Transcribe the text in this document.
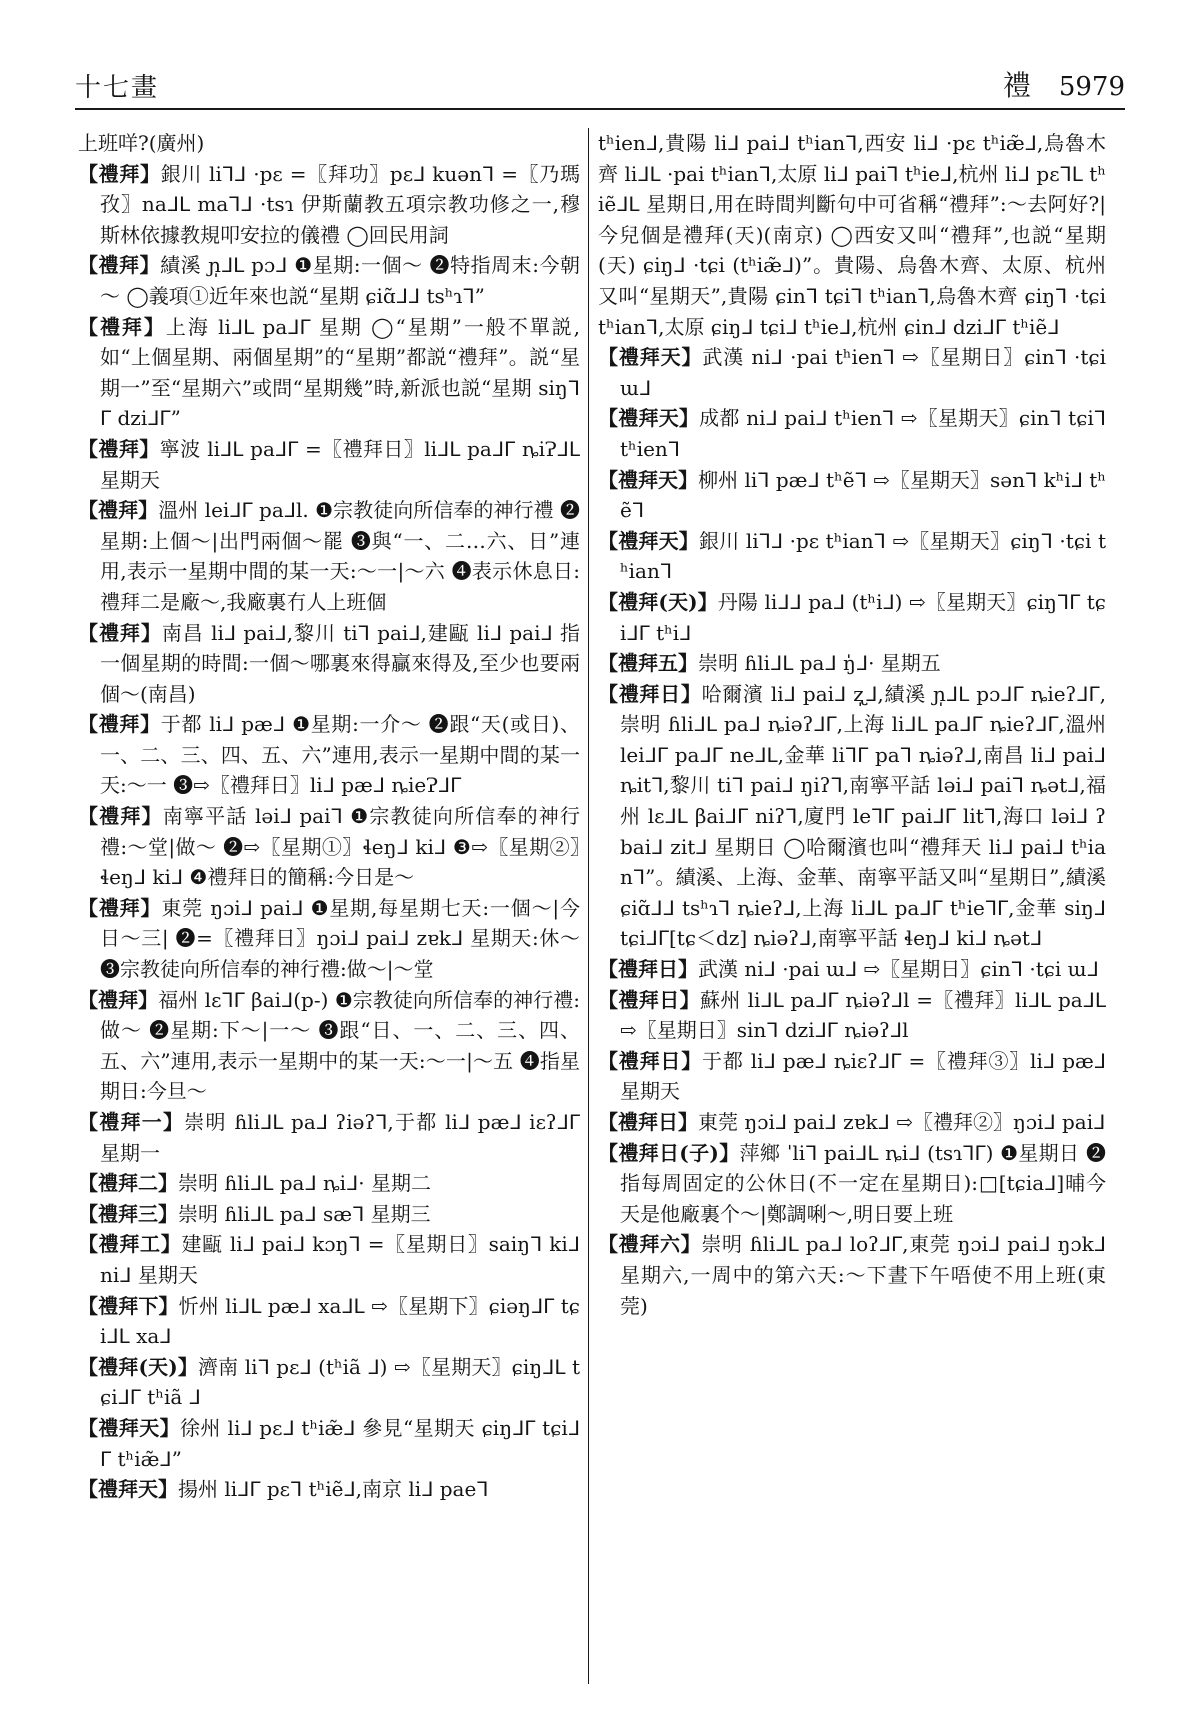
十七畫	禮 5979

上班咩?(廣州)

【禮拜】銀川 liᒣᒧ ·pɛ =〖拜功〗pɛᒧ kuənᒣ =〖乃瑪孜〗naᒧᒪ maᒣᒧ ·tsɿ 伊斯蘭教五項宗教功修之一,穆斯林依據教規叩安拉的儀禮 ◯回民用詞

【禮拜】績溪 ɲ̩ᒧᒪ pɔᒧ ❶星期:一個～ ❷特指周末:今朝～ ◯義項①近年來也説“星期 ɕiɑ̃ᒧᒧ tsʰɿᒣ”

【禮拜】上海 liᒧᒪ paᒧᒥ 星期 ◯“星期”一般不單説,如“上個星期、兩個星期”的“星期”都説“禮拜”。説“星期一”至“星期六”或問“星期幾”時,新派也説“星期 siŋᒣᒥ dziᒧᒥ”

【禮拜】寧波 liᒧᒪ paᒧᒥ =〖禮拜日〗liᒧᒪ paᒧᒥ ȵiɁᒧᒪ 星期天

【禮拜】溫州 leiᒧᒥ paᒧl. ❶宗教徒向所信奉的神行禮 ❷星期:上個～|出門兩個～罷 ❸與“一、二…六、日”連用,表示一星期中間的某一天:～一|～六 ❹表示休息日:禮拜二是廠～,我廠裏冇人上班個

【禮拜】南昌 liᒧ paiᒧ,黎川 tiᒣ paiᒧ,建甌 liᒧ paiᒧ 指一個星期的時間:一個～哪裏來得贏來得及,至少也要兩個～(南昌)

【禮拜】于都 liᒧ pæᒧ ❶星期:一介～ ❷跟“天(或日)、一、二、三、四、五、六”連用,表示一星期中間的某一天:～一 ❸⇨〖禮拜日〗liᒧ pæᒧ ȵieɁᒧᒥ

【禮拜】南寧平話 ləiᒧ paiᒣ ❶宗教徒向所信奉的神行禮:～堂|做～ ❷⇨〖星期①〗ɬeŋᒧ kiᒧ ❸⇨〖星期②〗ɬeŋᒧ kiᒧ ❹禮拜日的簡稱:今日是～

【禮拜】東莞 ŋɔiᒧ paiᒧ ❶星期,每星期七天:一個～|今日～三| ❷=〖禮拜日〗ŋɔiᒧ paiᒧ zɐkᒧ 星期天:休～ ❸宗教徒向所信奉的神行禮:做～|～堂

【禮拜】福州 lɛᒣᒥ βaiᒧ(p-) ❶宗教徒向所信奉的神行禮:做～ ❷星期:下～|一～ ❸跟“日、一、二、三、四、五、六”連用,表示一星期中的某一天:～一|～五 ❹指星期日:今旦～

【禮拜一】崇明 ɦliᒧᒪ paᒧ ʔiəʔᒣ,于都 liᒧ pæᒧ iɛʔᒧᒥ 星期一

【禮拜二】崇明 ɦliᒧᒪ paᒧ ȵiᒧ· 星期二

【禮拜三】崇明 ɦliᒧᒪ paᒧ sæᒣ 星期三

【禮拜工】建甌 liᒧ paiᒧ kɔŋᒣ =〖星期日〗saiŋᒣ kiᒧ niᒧ 星期天

【禮拜下】忻州 liᒧᒪ pæᒧ xaᒧᒪ ⇨〖星期下〗ɕiəŋᒧᒥ tɕiᒧᒪ xaᒧ

【禮拜(天)】濟南 liᒣ pɛᒧ (tʰiã ᒧ) ⇨〖星期天〗ɕiŋᒧᒪ tɕiᒧᒥ tʰiã ᒧ

【禮拜天】徐州 liᒧ pɛᒧ tʰiæ̃ᒧ 參見“星期天 ɕiŋᒧᒥ tɕiᒧᒥ tʰiæ̃ᒧ”

【禮拜天】揚州 liᒧᒥ pɛᒣ tʰiẽᒧ,南京 liᒧ paeᒣ

tʰienᒧ,貴陽 liᒧ paiᒧ tʰianᒣ,西安 liᒧ ·pɛ tʰiæ̃ᒧ,烏魯木齊 liᒧᒪ ·pai tʰianᒣ,太原 liᒧ paiᒣ tʰieᒧ,杭州 liᒧ pɛᒣᒪ tʰiẽᒧᒪ 星期日,用在時間判斷句中可省稱“禮拜”:～去阿好?|今兒個是禮拜(天)(南京) ◯西安又叫“禮拜”,也説“星期(天) ɕiŋᒧ ·tɕi (tʰiæ̃ᒧ)”。貴陽、烏魯木齊、太原、杭州又叫“星期天”,貴陽 ɕinᒣ tɕiᒣ tʰianᒣ,烏魯木齊 ɕiŋᒣ ·tɕi tʰianᒣ,太原 ɕiŋᒧ tɕiᒧ tʰieᒧ,杭州 ɕinᒧ dziᒧᒥ tʰiẽᒧ

【禮拜天】武漢 niᒧ ·pai tʰienᒣ ⇨〖星期日〗ɕinᒣ ·tɕi ɯᒧ

【禮拜天】成都 niᒧ paiᒧ tʰienᒣ ⇨〖星期天〗ɕinᒣ tɕiᒣ tʰienᒣ

【禮拜天】柳州 liᒣ pæᒧ tʰẽᒣ ⇨〖星期天〗sənᒣ kʰiᒧ tʰẽᒣ

【禮拜天】銀川 liᒣᒧ ·pɛ tʰianᒣ ⇨〖星期天〗ɕiŋᒣ ·tɕi tʰianᒣ

【禮拜(天)】丹陽 liᒧᒧ paᒧ (tʰiᒧ) ⇨〖星期天〗ɕiŋᒣᒥ tɕiᒧᒥ tʰiᒧ

【禮拜五】崇明 ɦliᒧᒪ paᒧ ŋ̍ᒧ· 星期五

【禮拜日】哈爾濱 liᒧ paiᒧ ʐ̩ᒧ,績溪 ɲ̩ᒧᒪ pɔᒧᒥ ȵieʔᒧᒥ,崇明 ɦliᒧᒪ paᒧ ȵiəʔᒧᒥ,上海 liᒧᒪ paᒧᒥ ȵieʔᒧᒥ,溫州 leiᒧᒥ paᒧᒥ neᒧᒪ,金華 liᒣᒥ paᒣ ȵiəʔᒧ,南昌 liᒧ paiᒧ ȵitᒣ,黎川 tiᒣ paiᒧ ŋiʔᒣ,南寧平話 ləiᒧ paiᒣ ȵətᒧ,福州 lɛᒧᒪ βaiᒧᒥ niʔᒣ,廈門 leᒣᒥ paiᒧᒥ litᒣ,海口 ləiᒧ ʔbaiᒧ zitᒧ 星期日 ◯哈爾濱也叫“禮拜天 liᒧ paiᒧ tʰianᒣ”。績溪、上海、金華、南寧平話又叫“星期日”,績溪 ɕiɑ̃ᒧᒧ tsʰɿᒣ ȵieʔᒧ,上海 liᒧᒪ paᒧᒥ tʰieᒣᒥ,金華 siŋᒧ tɕiᒧᒥ[tɕ＜dz] ȵiəʔᒧ,南寧平話 ɬeŋᒧ kiᒧ ȵətᒧ

【禮拜日】武漢 niᒧ ·pai ɯᒧ ⇨〖星期日〗ɕinᒣ ·tɕi ɯᒧ

【禮拜日】蘇州 liᒧᒪ paᒧᒥ ȵiəʔᒧl =〖禮拜〗liᒧᒪ paᒧᒪ ⇨〖星期日〗sinᒣ dziᒧᒥ ȵiəʔᒧl

【禮拜日】于都 liᒧ pæᒧ ȵiɛʔᒧᒥ =〖禮拜③〗liᒧ pæᒧ 星期天

【禮拜日】東莞 ŋɔiᒧ paiᒧ zɐkᒧ ⇨〖禮拜②〗ŋɔiᒧ paiᒧ

【禮拜日(子)】萍鄉 ˈliᒣ paiᒧᒪ ȵiᒧ (tsɿᒣᒥ) ❶星期日 ❷指每周固定的公休日(不一定在星期日):□[tɕiaᒧ]晡今天是他廠裏个～|鄭調唎～,明日要上班

【禮拜六】崇明 ɦliᒧᒪ paᒧ loʔᒧᒥ,東莞 ŋɔiᒧ paiᒧ ŋɔkᒧ 星期六,一周中的第六天:～下晝下午唔使不用上班(東莞)
